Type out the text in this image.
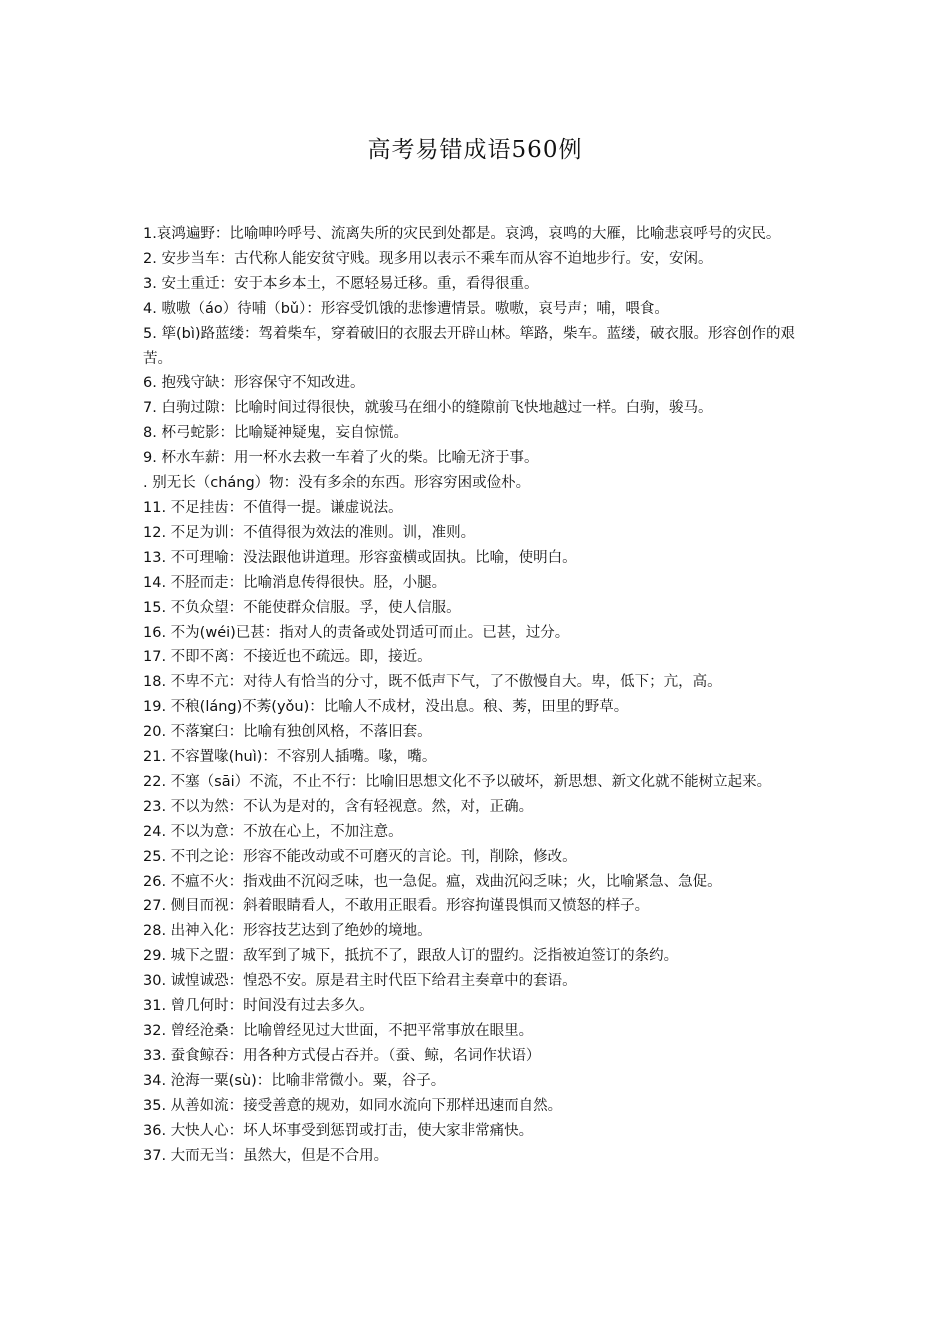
高考易错成语560例

1.哀鸿遍野：比喻呻吟呼号、流离失所的灾民到处都是。哀鸿，哀鸣的大雁，比喻悲哀呼号的灾民。

2. 安步当车：古代称人能安贫守贱。现多用以表示不乘车而从容不迫地步行。安，安闲。

3. 安土重迁：安于本乡本土，不愿轻易迁移。重，看得很重。

4. 嗷嗷（áo）待哺（bǔ）：形容受饥饿的悲惨遭情景。嗷嗷，哀号声；哺，喂食。

5. 筚(bì)路蓝缕：驾着柴车，穿着破旧的衣服去开辟山林。筚路，柴车。蓝缕，破衣服。形容创作的艰苦。

6. 抱残守缺：形容保守不知改进。

7. 白驹过隙：比喻时间过得很快，就骏马在细小的缝隙前飞快地越过一样。白驹，骏马。

8. 杯弓蛇影：比喻疑神疑鬼，妄自惊慌。

9. 杯水车薪：用一杯水去救一车着了火的柴。比喻无济于事。

. 别无长（cháng）物：没有多余的东西。形容穷困或俭朴。

11. 不足挂齿：不值得一提。谦虚说法。

12. 不足为训：不值得很为效法的准则。训，准则。

13. 不可理喻：没法跟他讲道理。形容蛮横或固执。比喻，使明白。

14. 不胫而走：比喻消息传得很快。胫，小腿。

15. 不负众望：不能使群众信服。孚，使人信服。

16. 不为(wéi)已甚：指对人的责备或处罚适可而止。已甚，过分。

17. 不即不离：不接近也不疏远。即，接近。

18. 不卑不亢：对待人有恰当的分寸，既不低声下气，了不傲慢自大。卑，低下；亢，高。

19. 不稂(láng)不莠(yǒu)：比喻人不成材，没出息。稂、莠，田里的野草。

20. 不落窠臼：比喻有独创风格，不落旧套。

21. 不容置喙(huì)：不容别人插嘴。喙，嘴。

22. 不塞（sāi）不流，不止不行：比喻旧思想文化不予以破坏，新思想、新文化就不能树立起来。

23. 不以为然：不认为是对的，含有轻视意。然，对，正确。

24. 不以为意：不放在心上，不加注意。

25. 不刊之论：形容不能改动或不可磨灭的言论。刊，削除，修改。

26. 不瘟不火：指戏曲不沉闷乏味，也一急促。瘟，戏曲沉闷乏味；火，比喻紧急、急促。

27. 侧目而视：斜着眼睛看人，不敢用正眼看。形容拘谨畏惧而又愤怒的样子。

28. 出神入化：形容技艺达到了绝妙的境地。

29. 城下之盟：敌军到了城下，抵抗不了，跟敌人订的盟约。泛指被迫签订的条约。

30. 诚惶诚恐：惶恐不安。原是君主时代臣下给君主奏章中的套语。

31. 曾几何时：时间没有过去多久。

32. 曾经沧桑：比喻曾经见过大世面，不把平常事放在眼里。

33. 蚕食鲸吞：用各种方式侵占吞并。（蚕、鲸，名词作状语）

34. 沧海一粟(sù)：比喻非常微小。粟，谷子。

35. 从善如流：接受善意的规劝，如同水流向下那样迅速而自然。

36. 大快人心：坏人坏事受到惩罚或打击，使大家非常痛快。

37. 大而无当：虽然大，但是不合用。
